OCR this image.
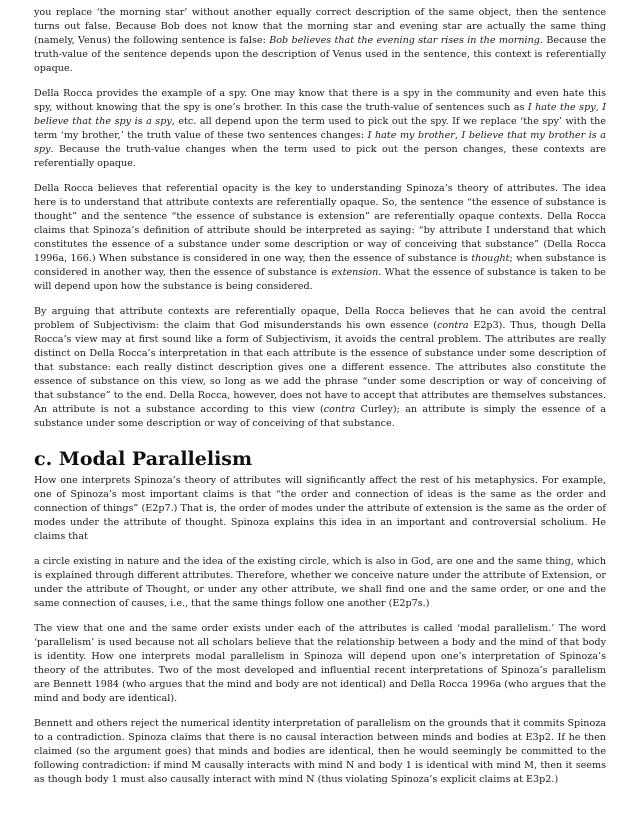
you replace ‘the morning star’ without another equally correct description of the same object, then the sentence turns out false. Because Bob does not know that the morning star and evening star are actually the same thing (namely, Venus) the following sentence is false: Bob believes that the evening star rises in the morning. Because the truth-value of the sentence depends upon the description of Venus used in the sentence, this context is referentially opaque.

Della Rocca provides the example of a spy. One may know that there is a spy in the community and even hate this spy, without knowing that the spy is one’s brother. In this case the truth-value of sentences such as I hate the spy, I believe that the spy is a spy, etc. all depend upon the term used to pick out the spy. If we replace ‘the spy’ with the term ‘my brother,’ the truth value of these two sentences changes: I hate my brother, I believe that my brother is a spy. Because the truth-value changes when the term used to pick out the person changes, these contexts are referentially opaque.

Della Rocca believes that referential opacity is the key to understanding Spinoza’s theory of attributes. The idea here is to understand that attribute contexts are referentially opaque. So, the sentence “the essence of substance is thought” and the sentence “the essence of substance is extension” are referentially opaque contexts. Della Rocca claims that Spinoza’s definition of attribute should be interpreted as saying: “by attribute I understand that which constitutes the essence of a substance under some description or way of conceiving that substance” (Della Rocca 1996a, 166.) When substance is considered in one way, then the essence of substance is thought; when substance is considered in another way, then the essence of substance is extension. What the essence of substance is taken to be will depend upon how the substance is being considered.

By arguing that attribute contexts are referentially opaque, Della Rocca believes that he can avoid the central problem of Subjectivism: the claim that God misunderstands his own essence (contra E2p3). Thus, though Della Rocca’s view may at first sound like a form of Subjectivism, it avoids the central problem. The attributes are really distinct on Della Rocca’s interpretation in that each attribute is the essence of substance under some description of that substance: each really distinct description gives one a different essence. The attributes also constitute the essence of substance on this view, so long as we add the phrase “under some description or way of conceiving of that substance” to the end. Della Rocca, however, does not have to accept that attributes are themselves substances. An attribute is not a substance according to this view (contra Curley); an attribute is simply the essence of a substance under some description or way of conceiving of that substance.

c. Modal Parallelism

How one interprets Spinoza’s theory of attributes will significantly affect the rest of his metaphysics. For example, one of Spinoza’s most important claims is that “the order and connection of ideas is the same as the order and connection of things” (E2p7.) That is, the order of modes under the attribute of extension is the same as the order of modes under the attribute of thought. Spinoza explains this idea in an important and controversial scholium. He claims that

a circle existing in nature and the idea of the existing circle, which is also in God, are one and the same thing, which is explained through different attributes. Therefore, whether we conceive nature under the attribute of Extension, or under the attribute of Thought, or under any other attribute, we shall find one and the same order, or one and the same connection of causes, i.e., that the same things follow one another (E2p7s.)

The view that one and the same order exists under each of the attributes is called ‘modal parallelism.’ The word ‘parallelism’ is used because not all scholars believe that the relationship between a body and the mind of that body is identity. How one interprets modal parallelism in Spinoza will depend upon one’s interpretation of Spinoza’s theory of the attributes. Two of the most developed and influential recent interpretations of Spinoza’s parallelism are Bennett 1984 (who argues that the mind and body are not identical) and Della Rocca 1996a (who argues that the mind and body are identical).

Bennett and others reject the numerical identity interpretation of parallelism on the grounds that it commits Spinoza to a contradiction. Spinoza claims that there is no causal interaction between minds and bodies at E3p2. If he then claimed (so the argument goes) that minds and bodies are identical, then he would seemingly be committed to the following contradiction: if mind M causally interacts with mind N and body 1 is identical with mind M, then it seems as though body 1 must also causally interact with mind N (thus violating Spinoza’s explicit claims at E3p2.)
